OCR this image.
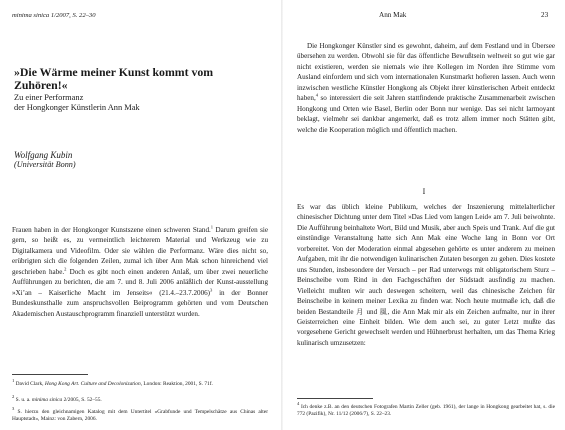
minima sinica 1/2007, S. 22–30

»Die Wärme meiner Kunst kommt vom Zuhören!«
Zu einer Performanz
der Hongkonger Künstlerin Ann Mak

Wolfgang Kubin

(Universität Bonn)

Frauen haben in der Hongkonger Kunstszene einen schweren Stand.$^1$ Darum greifen sie gern, so heißt es, zu vermeintlich leichterem Material und Werkzeug wie zu Digitalkamera und Videofilm. Oder sie wählen die Performanz. Wäre dies nicht so, erübrigten sich die folgenden Zeilen, zumal ich über Ann Mak schon hinreichend viel geschrieben habe.$^2$ Doch es gibt noch einen anderen Anlaß, um über zwei neuerliche Aufführungen zu berichten, die am 7. und 8. Juli 2006 anläßlich der Kunst-ausstellung »Xi’an – Kaiserliche Macht im Jenseits« (21.4.–23.7.2006)$^3$ in der Bonner Bundeskunsthalle zum anspruchsvollen Beiprogramm gehörten und vom Deutschen Akademischen Austauschprogramm finanziell unterstützt wurden.

$^1$ David Clark, Hong Kong Art. Culture and Decolonization, London: Reaktion, 2001, S. 71f.

$^2$ S. u. a. minima sinica 2/2005, S. 52–55.

$^3$ S. hierzu den gleichnamigen Katalog mit dem Untertitel »Grabfunde und Tempelschätze aus Chinas alter Hauptstadt«, Mainz: von Zabern, 2006.

Ann Mak	23

Die Hongkonger Künstler sind es gewohnt, daheim, auf dem Festland und in Übersee übersehen zu werden. Obwohl sie für das öffentliche Bewußtsein weltweit so gut wie gar nicht existieren, werden sie niemals wie ihre Kollegen im Norden ihre Stimme vom Ausland einfordern und sich vom internationalen Kunstmarkt hofieren lassen. Auch wenn inzwischen westliche Künstler Hongkong als Objekt ihrer künstlerischen Arbeit entdeckt haben,$^4$ so interessiert die seit Jahren stattfindende praktische Zusammenarbeit zwischen Hongkong und Orten wie Basel, Berlin oder Bonn nur wenige. Das sei nicht larmoyant beklagt, vielmehr sei dankbar angemerkt, daß es trotz allem immer noch Stätten gibt, welche die Kooperation möglich und öffentlich machen.

I

Es war das üblich kleine Publikum, welches der Inszenierung mittelalterlicher chinesischer Dichtung unter dem Titel »Das Lied vom langen Leid« am 7. Juli beiwohnte. Die Aufführung beinhaltete Wort, Bild und Musik, aber auch Speis und Trank. Auf die gut einstündige Veranstaltung hatte sich Ann Mak eine Woche lang in Bonn vor Ort vorbereitet. Von der Moderation einmal abgesehen gehörte es unter anderem zu meinen Aufgaben, mit ihr die notwendigen kulinarischen Zutaten besorgen zu gehen. Dies kostete uns Stunden, insbesondere der Versuch – per Rad unterwegs mit obligatorischem Sturz – Beinscheibe vom Rind in den Fachgeschäften der Südstadt ausfindig zu machen. Vielleicht mußten wir auch deswegen scheitern, weil das chinesische Zeichen für Beinscheibe in keinem meiner Lexika zu finden war. Noch heute mutmaße ich, daß die beiden Bestandteile 月 und 風, die Ann Mak mir als ein Zeichen aufmalte, nur in ihrer Geisterreichen eine Einheit bilden. Wie dem auch sei, zu guter Letzt mußte das vorgesehene Gericht gewechselt werden und Hühnerbrust herhalten, um das Thema Krieg kulinarisch umzusetzen:

$^4$ Ich denke z.B. an den deutschen Fotografen Martin Zeller (geb. 1961), der lange in Hongkong gearbeitet hat, s. die 772 (Pazifik), Nr. 11/12 (2006/7), S. 22–23.
